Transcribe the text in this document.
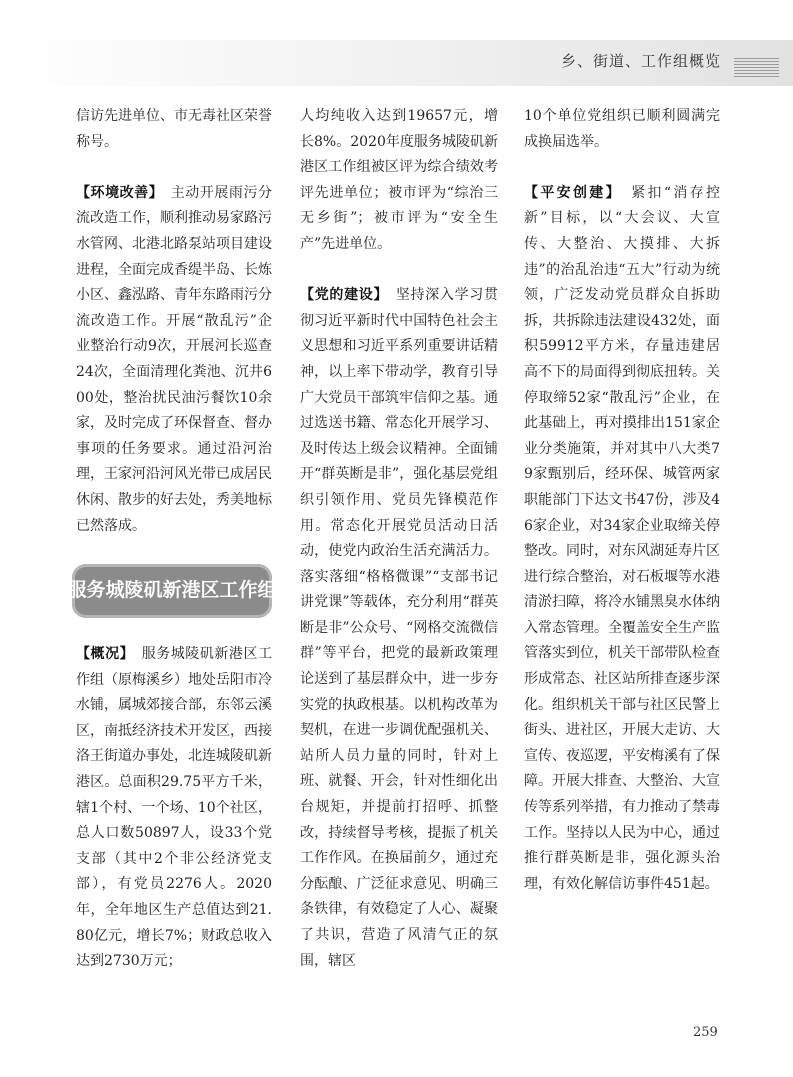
乡、街道、工作组概览

信访先进单位、市无毒社区荣誉称号。

【环境改善】　主动开展雨污分流改造工作，顺利推动易家路污水管网、北港北路泵站项目建设进程，全面完成香缇半岛、长炼小区、鑫泓路、青年东路雨污分流改造工作。开展“散乱污”企业整治行动9次，开展河长巡查24次，全面清理化粪池、沉井600处，整治扰民油污餐饮10余家，及时完成了环保督查、督办事项的任务要求。通过沿河治理，王家河沿河风光带已成居民休闲、散步的好去处，秀美地标已然落成。

服务城陵矶新港区工作组

【概况】　服务城陵矶新港区工作组（原梅溪乡）地处岳阳市冷水铺，属城郊接合部，东邻云溪区，南抵经济技术开发区，西接洛王街道办事处，北连城陵矶新港区。总面积29.75平方千米，辖1个村、一个场、10个社区，总人口数50897人，设33个党支部（其中2个非公经济党支部），有党员2276人。2020年，全年地区生产总值达到21.80亿元，增长7%；财政总收入达到2730万元；

人均纯收入达到19657元，增长8%。2020年度服务城陵矶新港区工作组被区评为综合绩效考评先进单位；被市评为“综治三无乡街”；被市评为“安全生产”先进单位。

【党的建设】　坚持深入学习贯彻习近平新时代中国特色社会主义思想和习近平系列重要讲话精神，以上率下带动学，教育引导广大党员干部筑牢信仰之基。通过选送书籍、常态化开展学习、及时传达上级会议精神。全面铺开“群英断是非”，强化基层党组织引领作用、党员先锋模范作用。常态化开展党员活动日活动，使党内政治生活充满活力。落实落细“格格微课”“支部书记讲党课”等载体，充分利用“群英断是非”公众号、“网格交流微信群”等平台，把党的最新政策理论送到了基层群众中，进一步夯实党的执政根基。以机构改革为契机，在进一步调优配强机关、站所人员力量的同时，针对上班、就餐、开会，针对性细化出台规矩，并提前打招呼、抓整改，持续督导考核，提振了机关工作作风。在换届前夕，通过充分酝酿、广泛征求意见、明确三条铁律，有效稳定了人心、凝聚了共识，营造了风清气正的氛围，辖区

10个单位党组织已顺利圆满完成换届选举。

【平安创建】　紧扣“消存控新”目标，以“大会议、大宣传、大整治、大摸排、大拆违”的治乱治违“五大”行动为统领，广泛发动党员群众自拆助拆，共拆除违法建设432处，面积59912平方米，存量违建居高不下的局面得到彻底扭转。关停取缔52家“散乱污”企业，在此基础上，再对摸排出151家企业分类施策，并对其中八大类79家甄别后，经环保、城管两家职能部门下达文书47份，涉及46家企业，对34家企业取缔关停整改。同时，对东风湖延寿片区进行综合整治，对石板堰等水港清淤扫障，将冷水铺黑臭水体纳入常态管理。全覆盖安全生产监管落实到位，机关干部带队检查形成常态、社区站所排查逐步深化。组织机关干部与社区民警上街头、进社区，开展大走访、大宣传、夜巡逻，平安梅溪有了保障。开展大排查、大整治、大宣传等系列举措，有力推动了禁毒工作。坚持以人民为中心，通过推行群英断是非，强化源头治理，有效化解信访事件451起。

259
